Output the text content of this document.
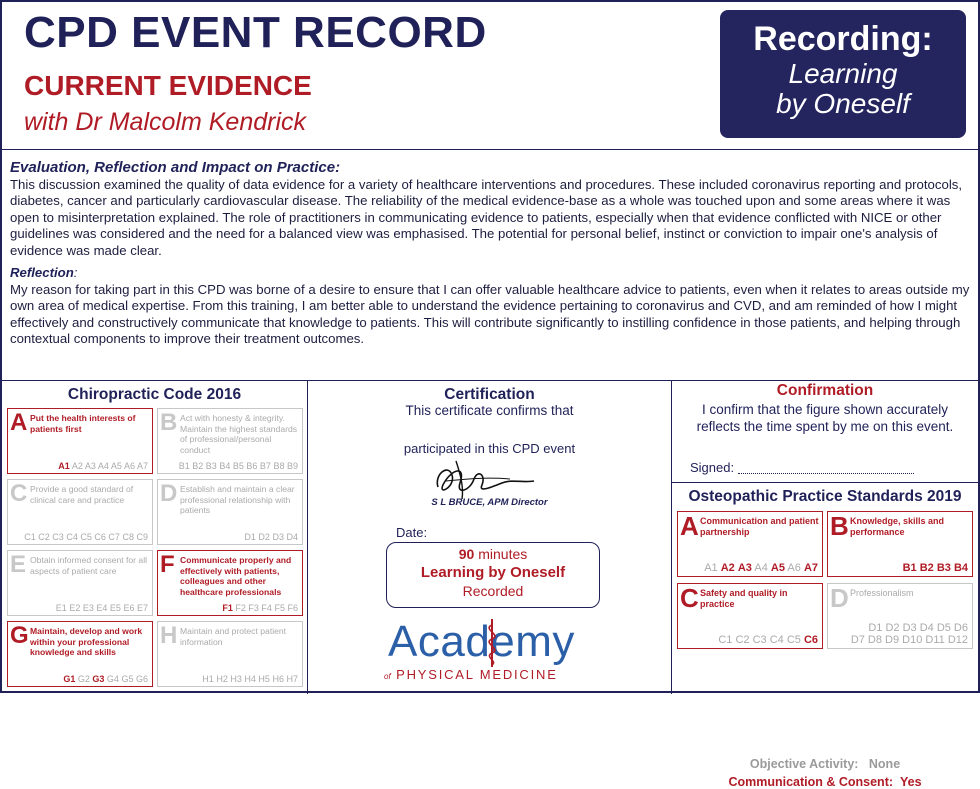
CPD EVENT RECORD
CURRENT EVIDENCE
with Dr Malcolm Kendrick
Recording:
Learning
by Oneself
Evaluation, Reflection and Impact on Practice:

This discussion examined the quality of data evidence for a variety of healthcare interventions and procedures. These included coronavirus reporting and protocols, diabetes, cancer and particularly cardiovascular disease. The reliability of the medical evidence-base as a whole was touched upon and some areas where it was open to misinterpretation explained. The role of practitioners in communicating evidence to patients, especially when that evidence conflicted with NICE or other guidelines was considered and the need for a balanced view was emphasised. The potential for personal belief, instinct or conviction to impair one's analysis of evidence was made clear.

Reflection:

My reason for taking part in this CPD was borne of a desire to ensure that I can offer valuable healthcare advice to patients, even when it relates to areas outside my own area of medical expertise. From this training, I am better able to understand the evidence pertaining to coronavirus and CVD, and am reminded of how I might effectively and constructively communicate that knowledge to patients. This will contribute significantly to instilling confidence in those patients, and helping through contextual components to improve their treatment outcomes.

Chiropractic Code 2016
A Put the health interests of patients first
A1 A2 A3 A4 A5 A6 A7
B Act with honesty & integrity. Maintain the highest standards of professional/personal conduct
B1 B2 B3 B4 B5 B6 B7 B8 B9
C Provide a good standard of clinical care and practice
C1 C2 C3 C4 C5 C6 C7 C8 C9
D Establish and maintain a clear professional relationship with patients
D1 D2 D3 D4
E Obtain informed consent for all aspects of patient care
E1 E2 E3 E4 E5 E6 E7
F Communicate properly and effectively with patients, colleagues and other healthcare professionals
F1 F2 F3 F4 F5 F6
G Maintain, develop and work within your professional knowledge and skills
G1 G2 G3 G4 G5 G6
H Maintain and protect patient information
H1 H2 H3 H4 H5 H6 H7
Certification
This certificate confirms that
participated in this CPD event
S L BRUCE, APM Director
Date:
90 minutes
Learning by Oneself
Recorded
Academy
of PHYSICAL MEDICINE
Confirmation
I confirm that the figure shown accurately reflects the time spent by me on this event.
Signed:
Osteopathic Practice Standards 2019
A Communication and patient partnership
A1 A2 A3 A4 A5 A6 A7
B Knowledge, skills and performance
B1 B2 B3 B4
C Safety and quality in practice
C1 C2 C3 C4 C5 C6
D Professionalism
D1 D2 D3 D4 D5 D6
D7 D8 D9 D10 D11 D12
Objective Activity: None
Communication & Consent: Yes
